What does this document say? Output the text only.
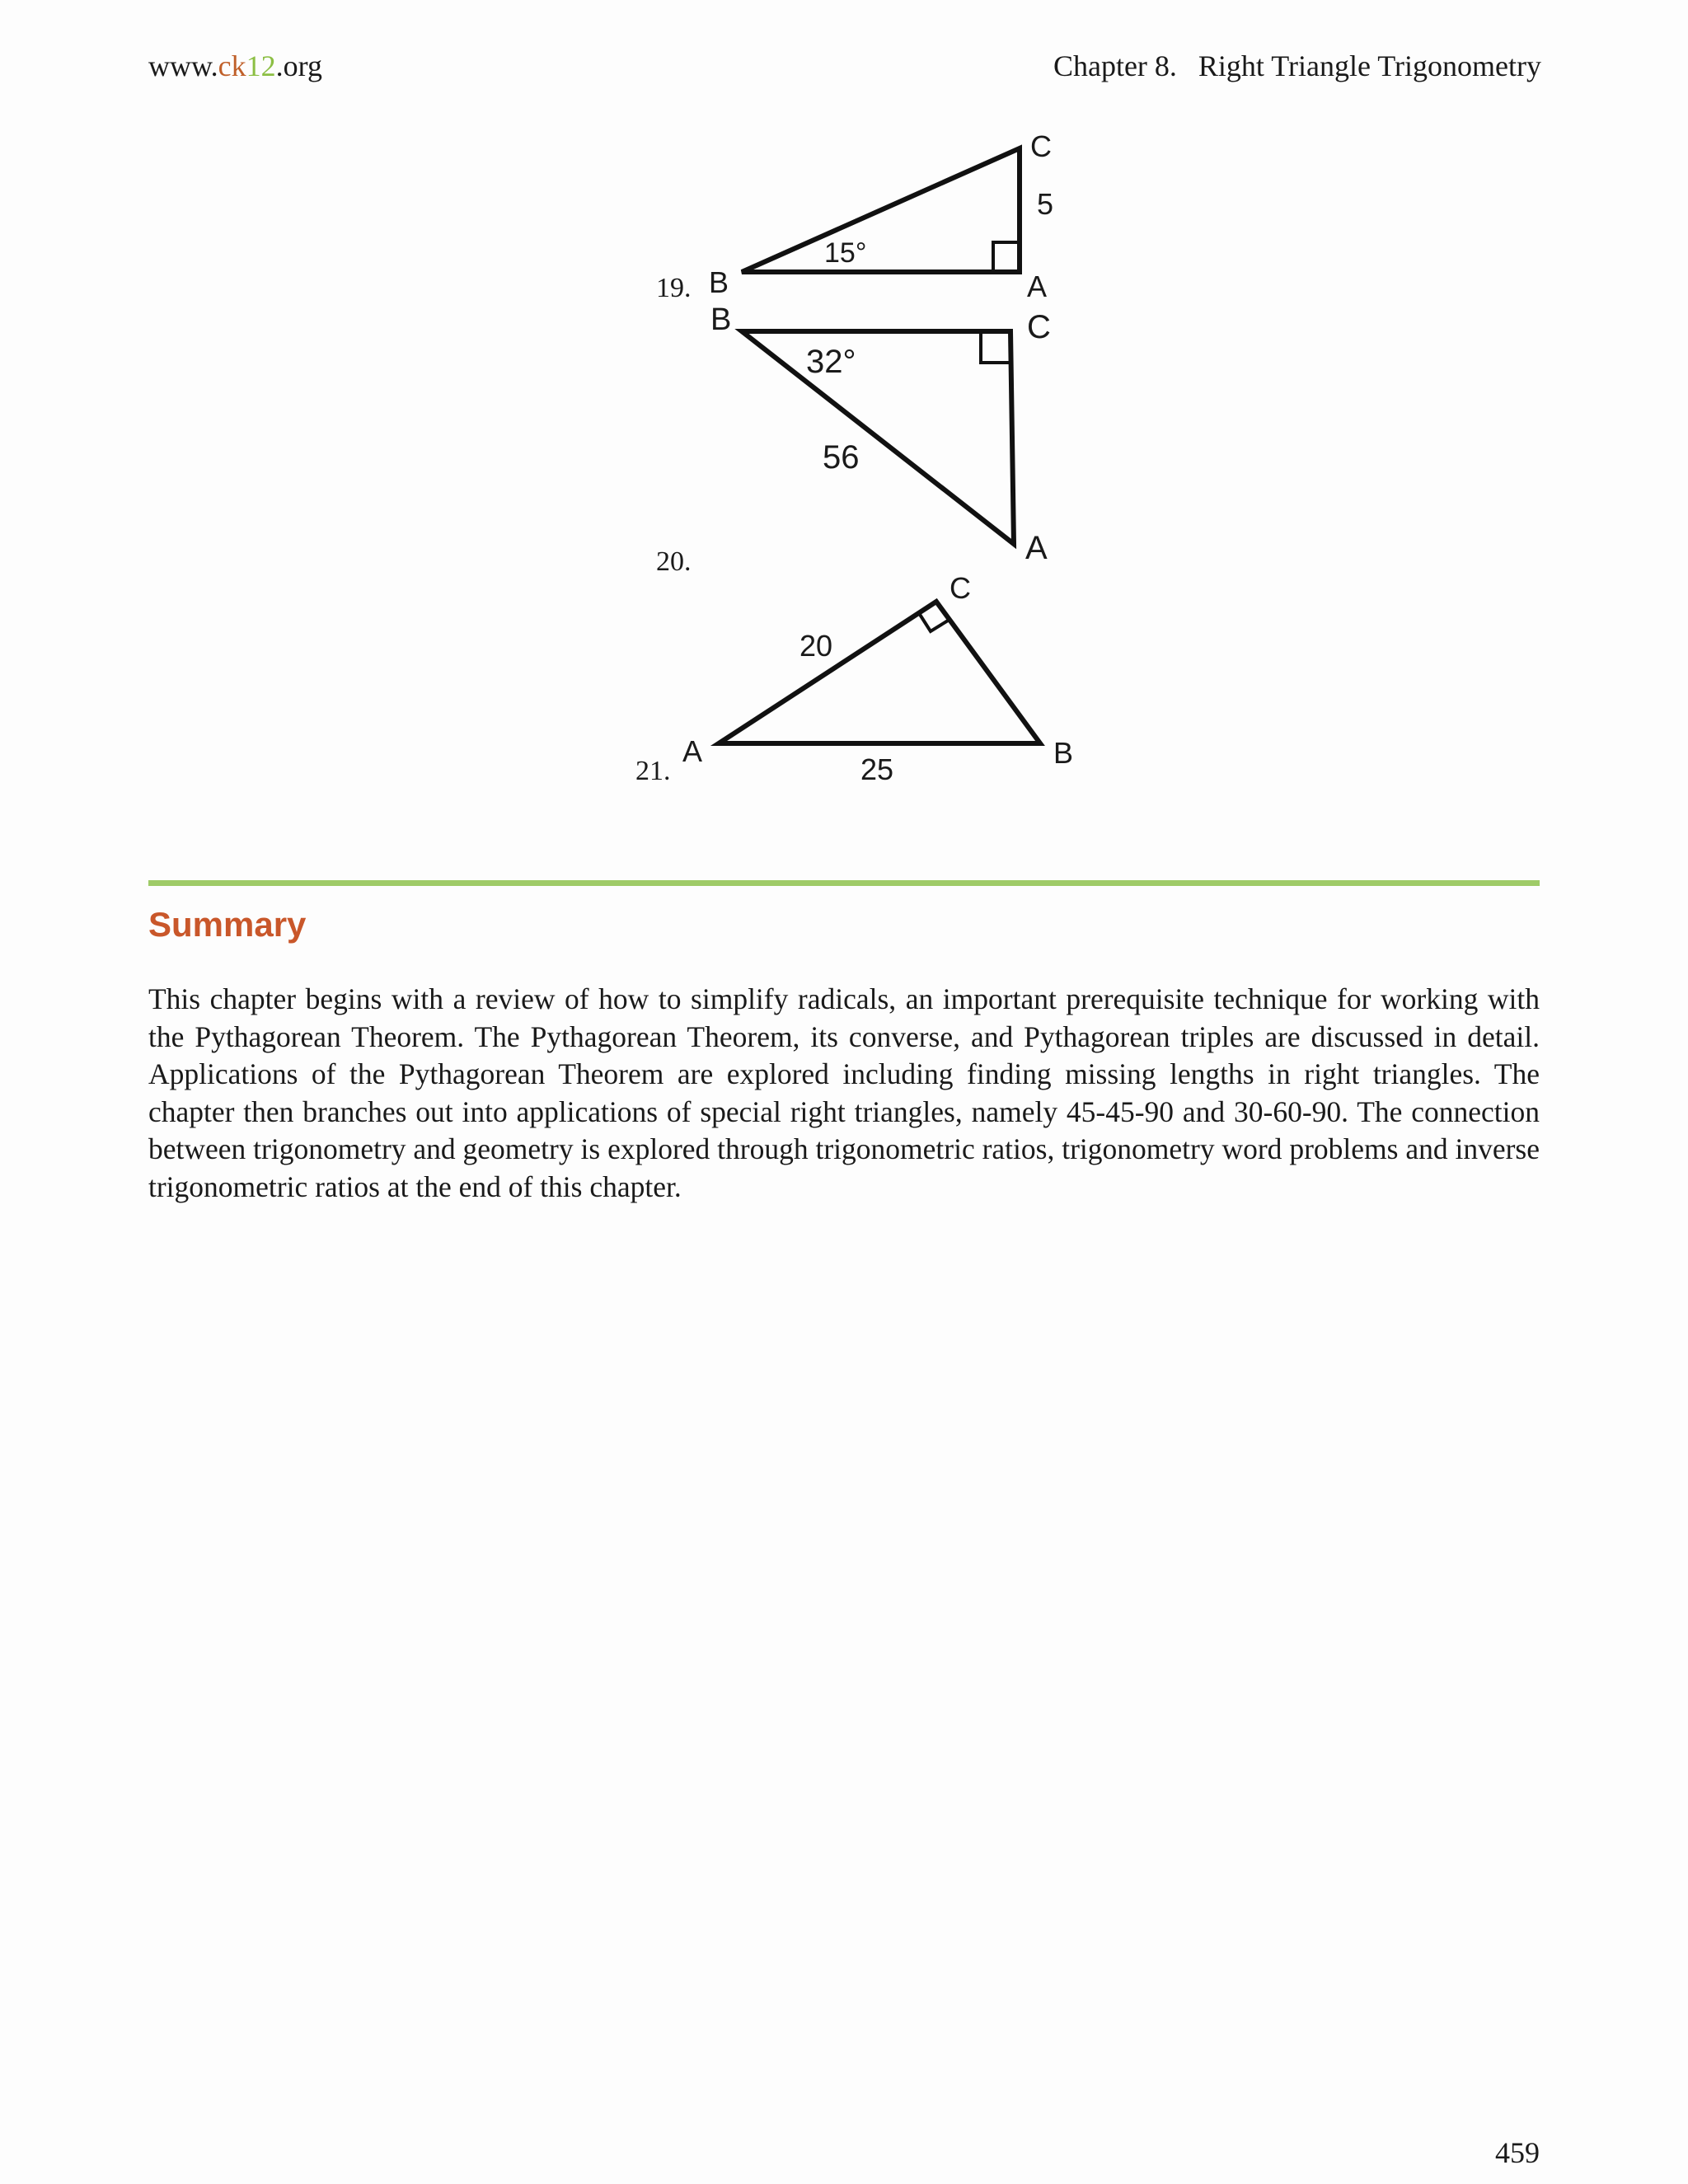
www.ck12.org	Chapter 8. Right Triangle Trigonometry
19.
C
5
15°
B	A
20.
B	C
32°
56
A
21.
C
20
A
25	B
Summary

This chapter begins with a review of how to simplify radicals, an important prerequisite technique for working with the Pythagorean Theorem. The Pythagorean Theorem, its converse, and Pythagorean triples are discussed in detail. Applications of the Pythagorean Theorem are explored including finding missing lengths in right triangles. The chapter then branches out into applications of special right triangles, namely 45-45-90 and 30-60-90. The connection between trigonometry and geometry is explored through trigonometric ratios, trigonometry word problems and inverse trigonometric ratios at the end of this chapter.

459
